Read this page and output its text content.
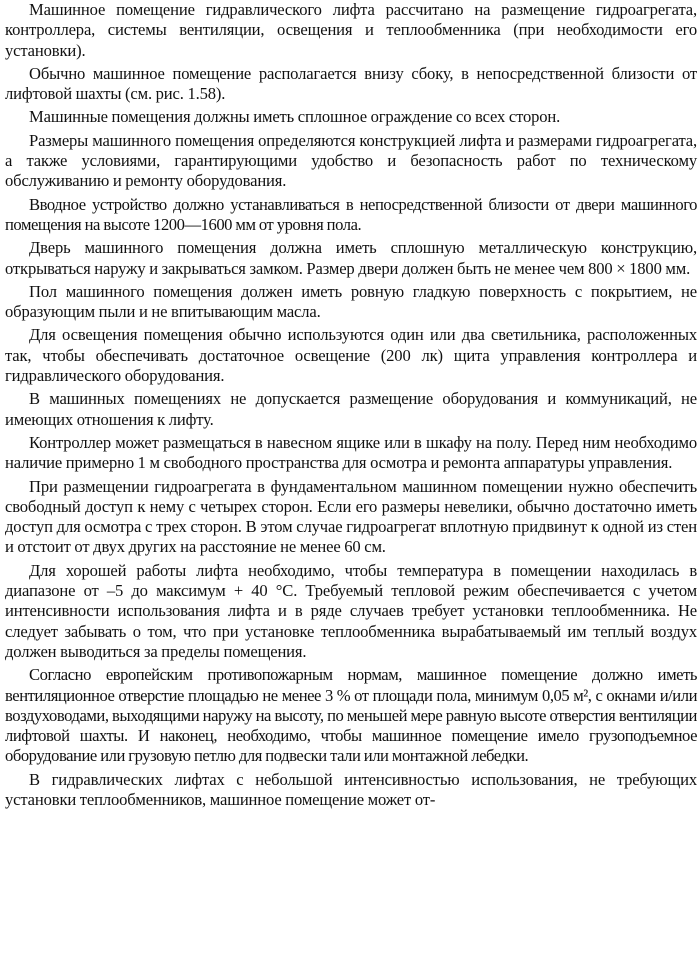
Машинное помещение гидравлического лифта рассчитано на размещение гидроагрегата, контроллера, системы вентиляции, освещения и теплообменника (при необходимости его установки).

Обычно машинное помещение располагается внизу сбоку, в непосредственной близости от лифтовой шахты (см. рис. 1.58).

Машинные помещения должны иметь сплошное ограждение со всех сторон.

Размеры машинного помещения определяются конструкцией лифта и размерами гидроагрегата, а также условиями, гарантирующими удобство и безопасность работ по техническому обслуживанию и ремонту оборудования.

Вводное устройство должно устанавливаться в непосредственной близости от двери машинного помещения на высоте 1200—1600 мм от уровня пола.

Дверь машинного помещения должна иметь сплошную металлическую конструкцию, открываться наружу и закрываться замком. Размер двери должен быть не менее чем 800 × 1800 мм.

Пол машинного помещения должен иметь ровную гладкую поверхность с покрытием, не образующим пыли и не впитывающим масла.

Для освещения помещения обычно используются один или два светильника, расположенных так, чтобы обеспечивать достаточное освещение (200 лк) щита управления контроллера и гидравлического оборудования.

В машинных помещениях не допускается размещение оборудования и коммуникаций, не имеющих отношения к лифту.

Контроллер может размещаться в навесном ящике или в шкафу на полу. Перед ним необходимо наличие примерно 1 м свободного пространства для осмотра и ремонта аппаратуры управления.

При размещении гидроагрегата в фундаментальном машинном помещении нужно обеспечить свободный доступ к нему с четырех сторон. Если его размеры невелики, обычно достаточно иметь доступ для осмотра с трех сторон. В этом случае гидроагрегат вплотную придвинут к одной из стен и отстоит от двух других на расстояние не менее 60 см.

Для хорошей работы лифта необходимо, чтобы температура в помещении находилась в диапазоне от –5 до максимум + 40 °С. Требуемый тепловой режим обеспечивается с учетом интенсивности использования лифта и в ряде случаев требует установки теплообменника. Не следует забывать о том, что при установке теплообменника вырабатываемый им теплый воздух должен выводиться за пределы помещения.

Согласно европейским противопожарным нормам, машинное помещение должно иметь вентиляционное отверстие площадью не менее 3 % от площади пола, минимум 0,05 м², с окнами и/или воздуховодами, выходящими наружу на высоту, по меньшей мере равную высоте отверстия вентиляции лифтовой шахты. И наконец, необходимо, чтобы машинное помещение имело грузоподъемное оборудование или грузовую петлю для подвески тали или монтажной лебедки.

В гидравлических лифтах с небольшой интенсивностью использования, не требующих установки теплообменников, машинное помещение может от-
